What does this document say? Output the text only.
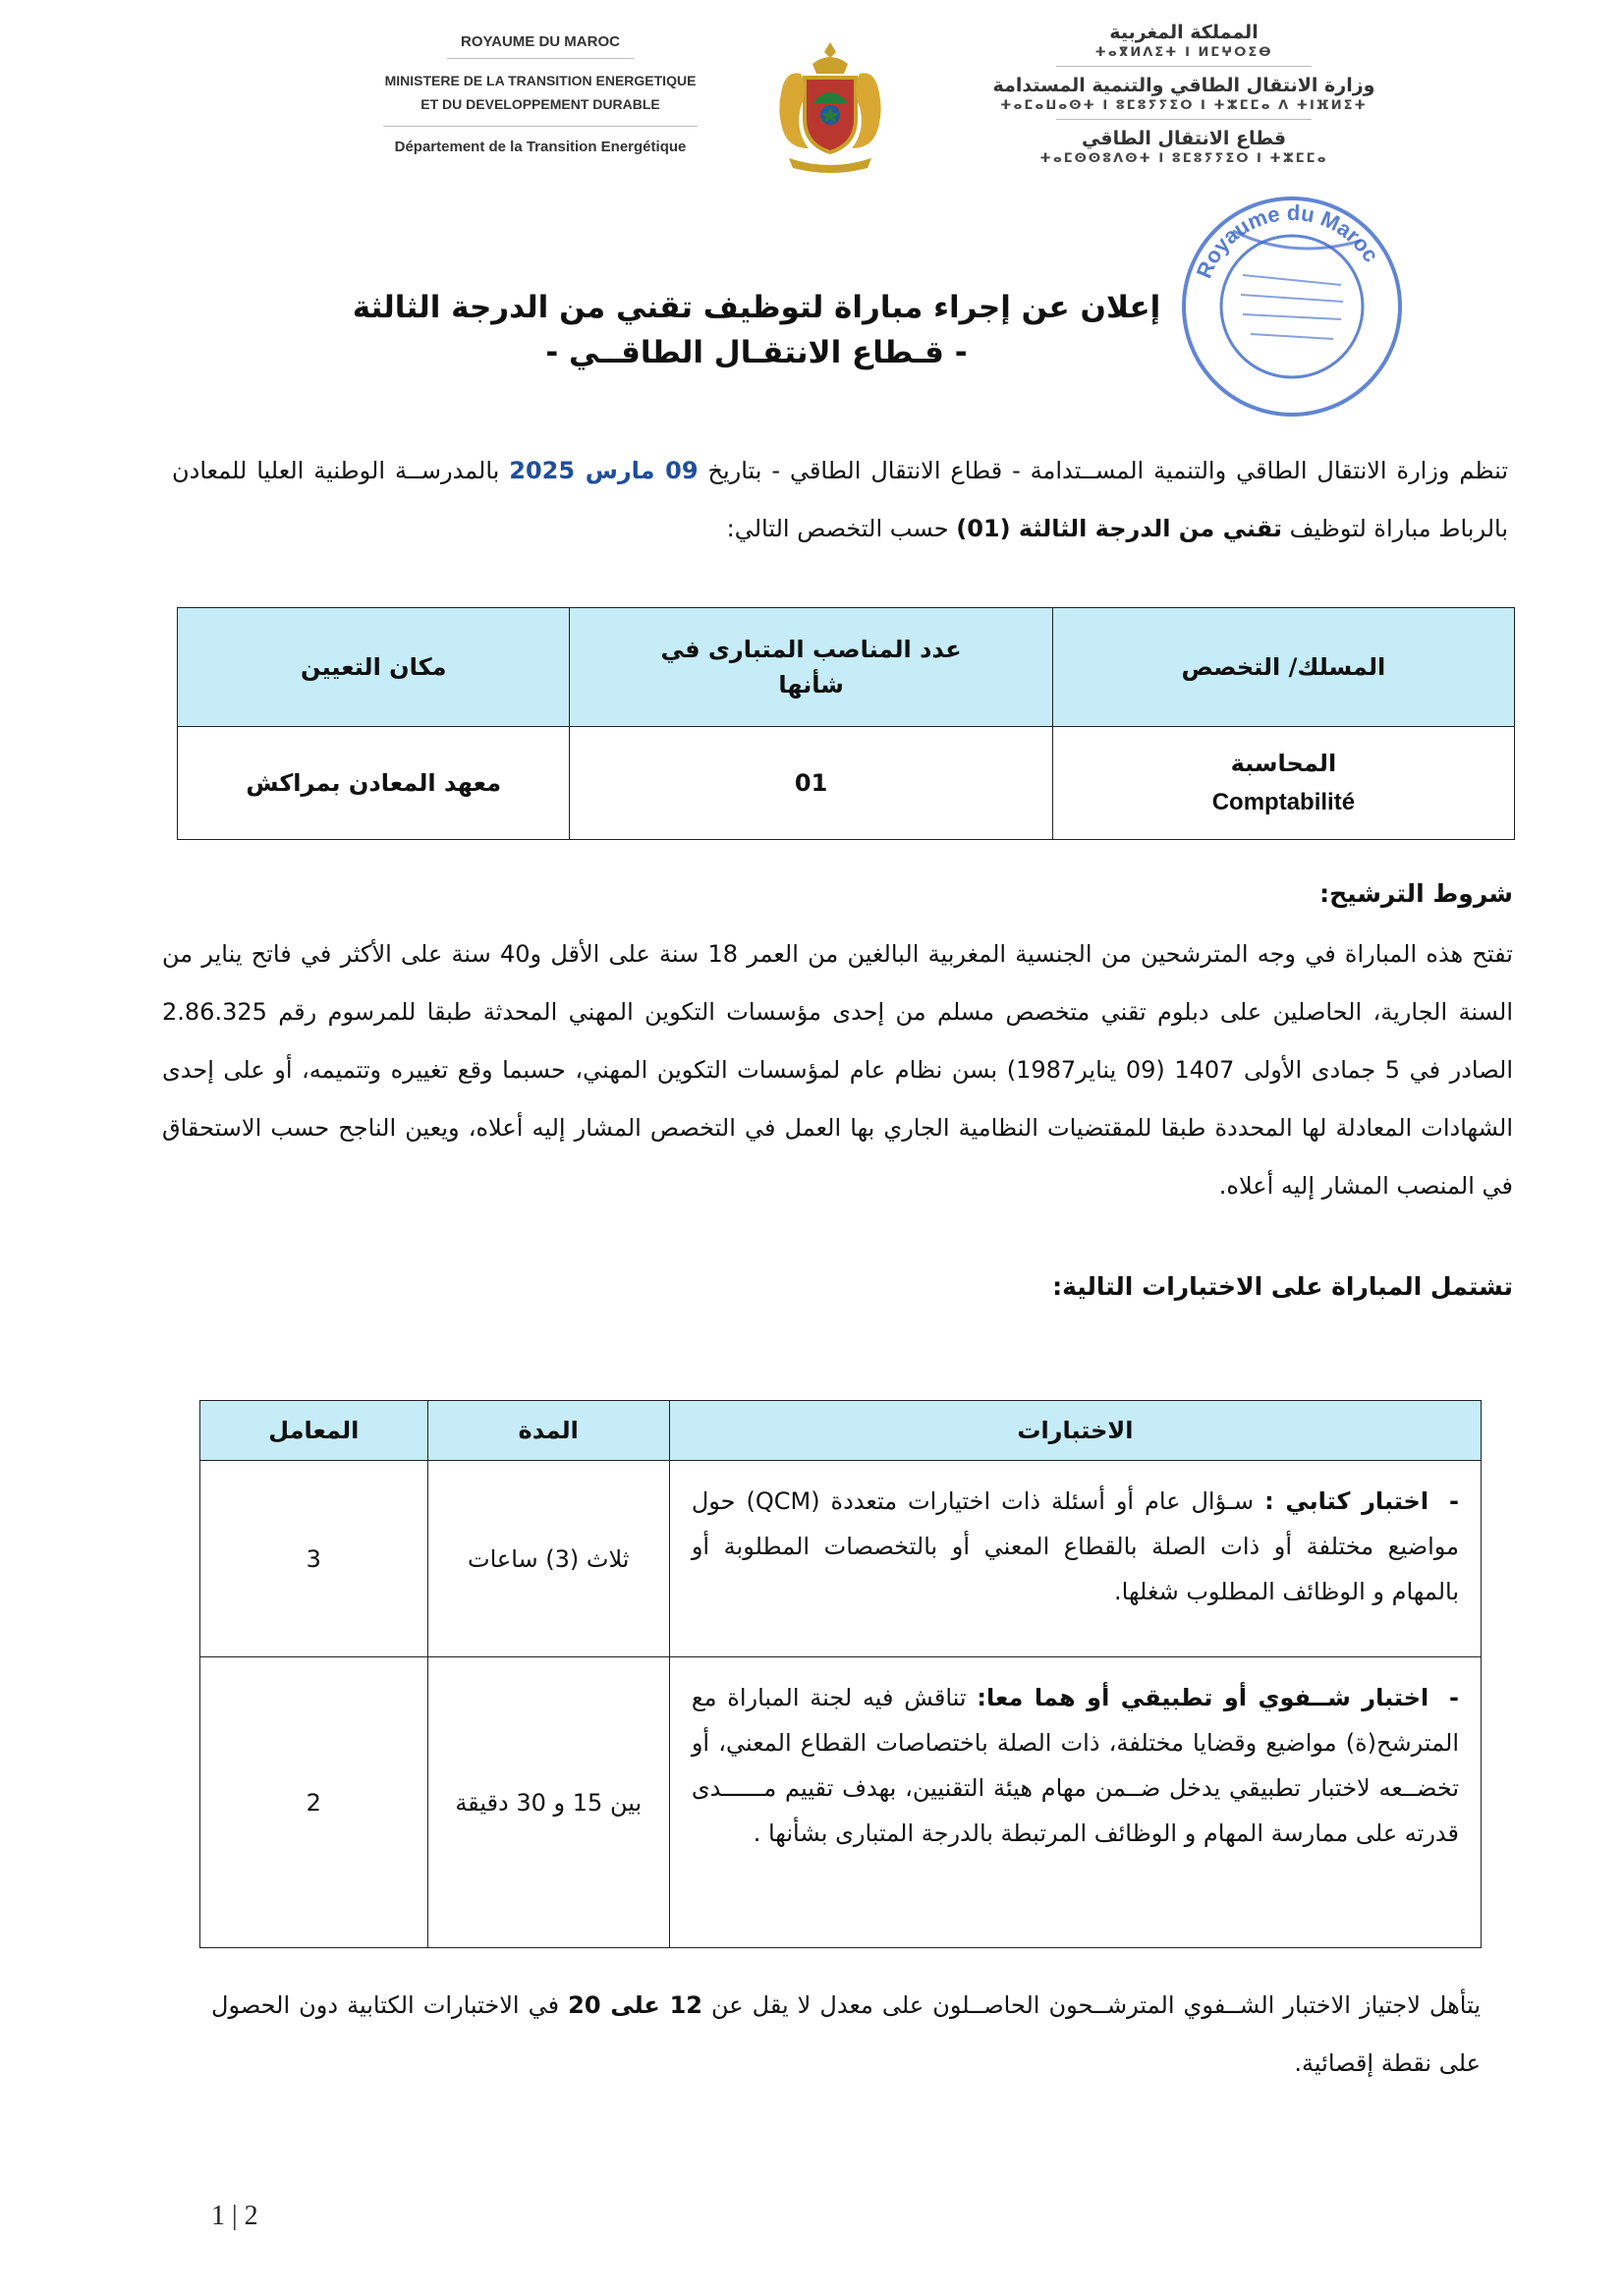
ROYAUME DU MAROC
MINISTERE DE LA TRANSITION ENERGETIQUE ET DU DEVELOPPEMENT DURABLE
Département de la Transition Energétique
المملكة المغربية
ⵜⴰⴳⵍⴷⵉⵜ ⵏ ⵍⵎⵖⵔⵉⴱ
وزارة الانتقال الطاقي والتنمية المستدامة
ⵜⴰⵎⴰⵡⴰⵙⵜ ⵏ ⵓⵎⵓⵢⵢⵉⵔ ⵏ ⵜⵣⵎⵎⴰ ⴷ ⵜⵏⴼⵍⵉⵜ
قطاع الانتقال الطاقي
ⵜⴰⵎⵙⵙⵓⴷⵙⵜ ⵏ ⵓⵎⵓⵢⵢⵉⵔ ⵏ ⵜⵣⵎⵎⴰ
Royaume du Maroc
إعلان عن إجراء مباراة لتوظيف تقني من الدرجة الثالثة
- قـطاع الانتقـال الطاقــي -
تنظم وزارة الانتقال الطاقي والتنمية المســتدامة - قطاع الانتقال الطاقي - بتاريخ 09 مارس 2025 بالمدرســة الوطنية العليا للمعادن بالرباط مباراة لتوظيف تقني من الدرجة الثالثة (01) حسب التخصص التالي:
المسلك/ التخصص	عدد المناصب المتبارى في شأنها	مكان التعيين

المحاسبة
Comptabilité	01	معهد المعادن بمراكش
شروط الترشيح:
تفتح هذه المباراة في وجه المترشحين من الجنسية المغربية البالغين من العمر 18 سنة على الأقل و40 سنة على الأكثر في فاتح يناير من السنة الجارية، الحاصلين على دبلوم تقني متخصص مسلم من إحدى مؤسسات التكوين المهني المحدثة طبقا للمرسوم رقم 2.86.325 الصادر في 5 جمادى الأولى 1407 (09 يناير1987) بسن نظام عام لمؤسسات التكوين المهني، حسبما وقع تغييره وتتميمه، أو على إحدى الشهادات المعادلة لها المحددة طبقا للمقتضيات النظامية الجاري بها العمل في التخصص المشار إليه أعلاه، ويعين الناجح حسب الاستحقاق في المنصب المشار إليه أعلاه.
تشتمل المباراة على الاختبارات التالية:
الاختبارات	المدة	المعامل
- اختبار كتابي : سـؤال عام أو أسئلة ذات اختيارات متعددة (QCM) حول مواضيع مختلفة أو ذات الصلة بالقطاع المعني أو بالتخصصات المطلوبة أو بالمهام و الوظائف المطلوب شغلها.	ثلاث (3) ساعات	3
- اختبار شــفوي أو تطبيقي أو هما معا: تناقش فيه لجنة المباراة مع المترشح(ة) مواضيع وقضايا مختلفة، ذات الصلة باختصاصات القطاع المعني، أو تخضــعه لاختبار تطبيقي يدخل ضــمن مهام هيئة التقنيين، بهدف تقييم مــــــدى قدرته على ممارسة المهام و الوظائف المرتبطة بالدرجة المتبارى بشأنها .	بين 15 و 30 دقيقة	2
يتأهل لاجتياز الاختبار الشــفوي المترشــحون الحاصــلون على معدل لا يقل عن 12 على 20 في الاختبارات الكتابية دون الحصول على نقطة إقصائية.
1 | 2
